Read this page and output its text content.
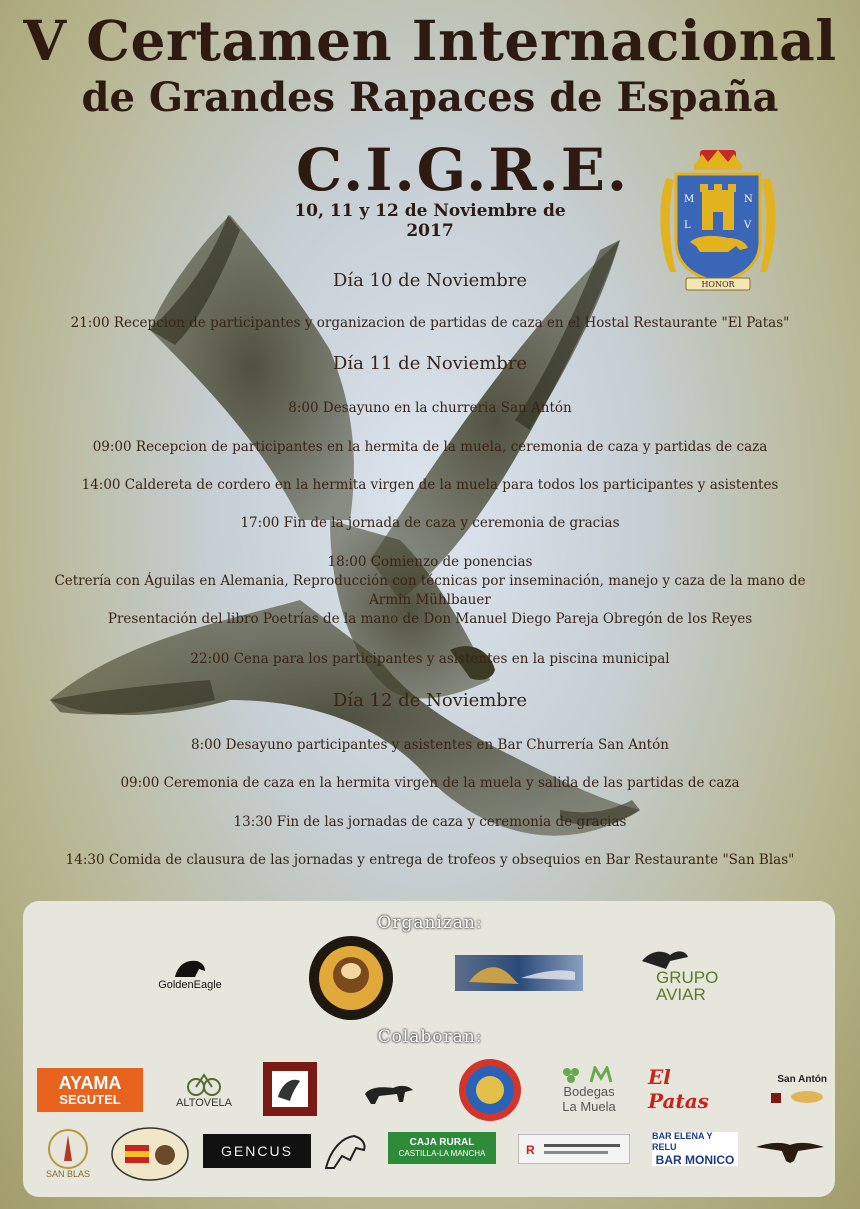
V Certamen Internacional
de Grandes Rapaces de España
C.I.G.R.E.
10, 11 y 12 de Noviembre de 2017
M	N
L	V
HONOR
Día 10 de Noviembre
21:00 Recepcion de participantes y organizacion de partidas de caza en el Hostal Restaurante "El Patas"
Día 11 de Noviembre
8:00 Desayuno en la churreria San Antón
09:00 Recepcion de participantes en la hermita de la muela, ceremonia de caza y partidas de caza
14:00 Caldereta de cordero en la hermita virgen de la muela para todos los participantes y asistentes
17:00 Fin de la jornada de caza y ceremonia de gracias
18:00 Comienzo de ponencias
Cetrería con Águilas en Alemania, Reproducción con técnicas por inseminación, manejo y caza de la mano de
Armin Mühlbauer
Presentación del libro Poetrías de la mano de Don Manuel Diego Pareja Obregón de los Reyes
22:00 Cena para los participantes y asistentes en la piscina municipal
Día 12 de Noviembre
8:00 Desayuno participantes y asistentes en Bar Churrería San Antón
09:00 Ceremonia de caza en la hermita virgen de la muela y salida de las partidas de caza
13:30 Fin de las jornadas de caza y ceremonia de gracias
14:30 Comida de clausura de las jornadas y entrega de trofeos y obsequios en Bar Restaurante "San Blas"
Organizan:
GoldenEagle	GRUPO
AVIAR
Colaboran:
AYAMA
SEGUTEL	ALTOVELA
Bodegas
La Muela
El Patas
San Antón
SAN BLAS
GENCUS
CAJA RURAL
CASTILLA-LA MANCHA	R
BAR ELENA Y RELU
BAR MONICO
